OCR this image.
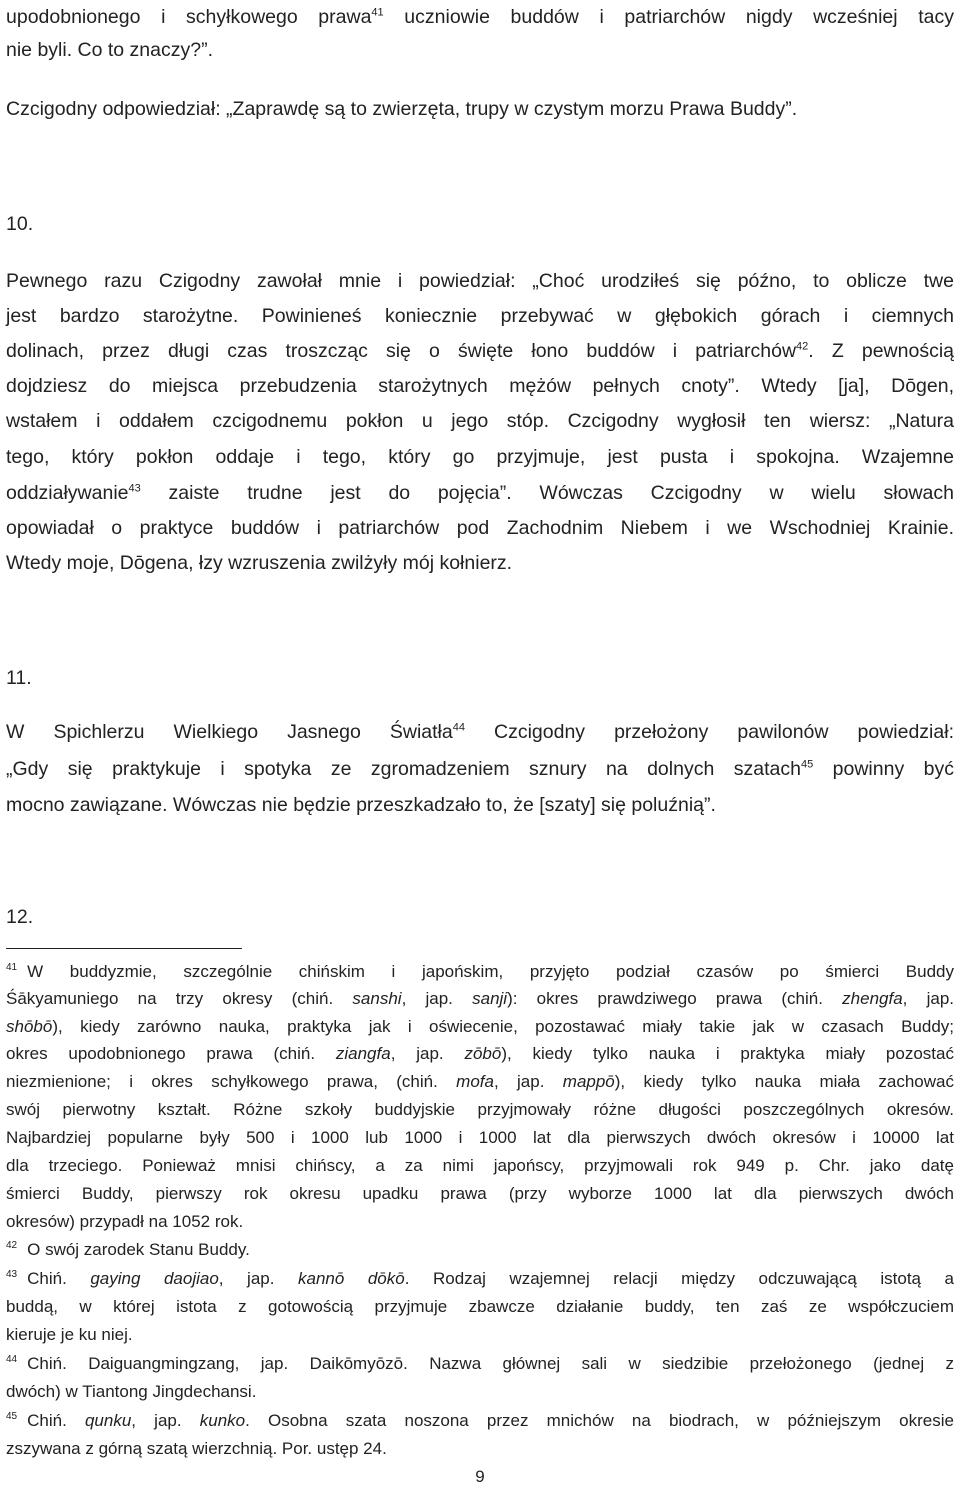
upodobnionego i schyłkowego prawa$^{41}$ uczniowie buddów i patriarchów nigdy wcześniej tacy
nie byli. Co to znaczy?”.
Czcigodny odpowiedział: „Zaprawdę są to zwierzęta, trupy w czystym morzu Prawa Buddy”.
10.
Pewnego razu Czigodny zawołał mnie i powiedział: „Choć urodziłeś się późno, to oblicze twe
jest bardzo starożytne. Powinieneś koniecznie przebywać w głębokich górach i ciemnych
dolinach, przez długi czas troszcząc się o święte łono buddów i patriarchów$^{42}$. Z pewnością
dojdziesz do miejsca przebudzenia starożytnych mężów pełnych cnoty”. Wtedy [ja], Dōgen,
wstałem i oddałem czcigodnemu pokłon u jego stóp. Czcigodny wygłosił ten wiersz: „Natura
tego, który pokłon oddaje i tego, który go przyjmuje, jest pusta i spokojna. Wzajemne
oddziaływanie$^{43}$ zaiste trudne jest do pojęcia”. Wówczas Czcigodny w wielu słowach
opowiadał o praktyce buddów i patriarchów pod Zachodnim Niebem i we Wschodniej Krainie.
Wtedy moje, Dōgena, łzy wzruszenia zwilżyły mój kołnierz.
11.
W Spichlerzu Wielkiego Jasnego Światła$^{44}$ Czcigodny przełożony pawilonów powiedział:
„Gdy się praktykuje i spotyka ze zgromadzeniem sznury na dolnych szatach$^{45}$ powinny być
mocno zawiązane. Wówczas nie będzie przeszkadzało to, że [szaty] się poluźnią”.
12.
$^{41}$ W buddyzmie, szczególnie chińskim i japońskim, przyjęto podział czasów po śmierci Buddy
Śākyamuniego na trzy okresy (chiń. sanshi, jap. sanji): okres prawdziwego prawa (chiń. zhengfa, jap.
shōbō), kiedy zarówno nauka, praktyka jak i oświecenie, pozostawać miały takie jak w czasach Buddy;
okres upodobnionego prawa (chiń. ziangfa, jap. zōbō), kiedy tylko nauka i praktyka miały pozostać
niezmienione; i okres schyłkowego prawa, (chiń. mofa, jap. mappō), kiedy tylko nauka miała zachować
swój pierwotny kształt. Różne szkoły buddyjskie przyjmowały różne długości poszczególnych okresów.
Najbardziej popularne były 500 i 1000 lub 1000 i 1000 lat dla pierwszych dwóch okresów i 10000 lat
dla trzeciego. Ponieważ mnisi chińscy, a za nimi japońscy, przyjmowali rok 949 p. Chr. jako datę
śmierci Buddy, pierwszy rok okresu upadku prawa (przy wyborze 1000 lat dla pierwszych dwóch
okresów) przypadł na 1052 rok.
$^{42}$ O swój zarodek Stanu Buddy.
$^{43}$ Chiń. gaying daojiao, jap. kannō dōkō. Rodzaj wzajemnej relacji między odczuwającą istotą a
buddą, w której istota z gotowością przyjmuje zbawcze działanie buddy, ten zaś ze współczuciem
kieruje je ku niej.
$^{44}$ Chiń. Daiguangmingzang, jap. Daikōmyōzō. Nazwa głównej sali w siedzibie przełożonego (jednej z
dwóch) w Tiantong Jingdechansi.
$^{45}$ Chiń. qunku, jap. kunko. Osobna szata noszona przez mnichów na biodrach, w późniejszym okresie
zszywana z górną szatą wierzchnią. Por. ustęp 24.
9
